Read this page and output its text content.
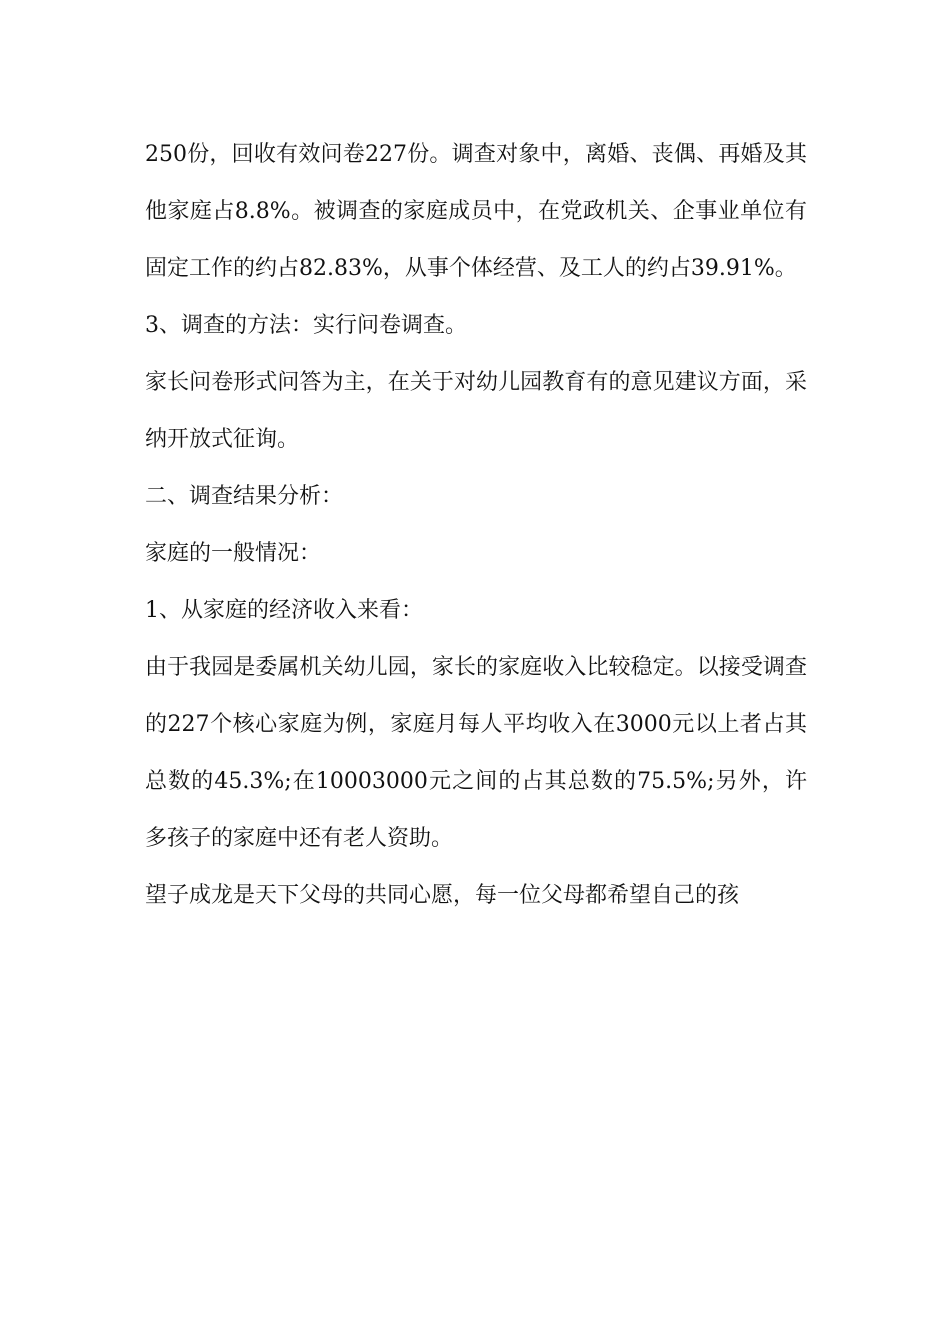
250份，回收有效问卷227份。调查对象中，离婚、丧偶、再婚及其他家庭占8.8%。被调查的家庭成员中，在党政机关、企事业单位有固定工作的约占82.83%，从事个体经营、及工人的约占39.91%。

3、调查的方法：实行问卷调查。

家长问卷形式问答为主，在关于对幼儿园教育有的意见建议方面，采纳开放式征询。

二、调查结果分析：

家庭的一般情况：

1、从家庭的经济收入来看：

由于我园是委属机关幼儿园，家长的家庭收入比较稳定。以接受调查的227个核心家庭为例，家庭月每人平均收入在3000元以上者占其总数的45.3%;在10003000元之间的占其总数的75.5%;另外，许多孩子的家庭中还有老人资助。

望子成龙是天下父母的共同心愿，每一位父母都希望自己的孩
